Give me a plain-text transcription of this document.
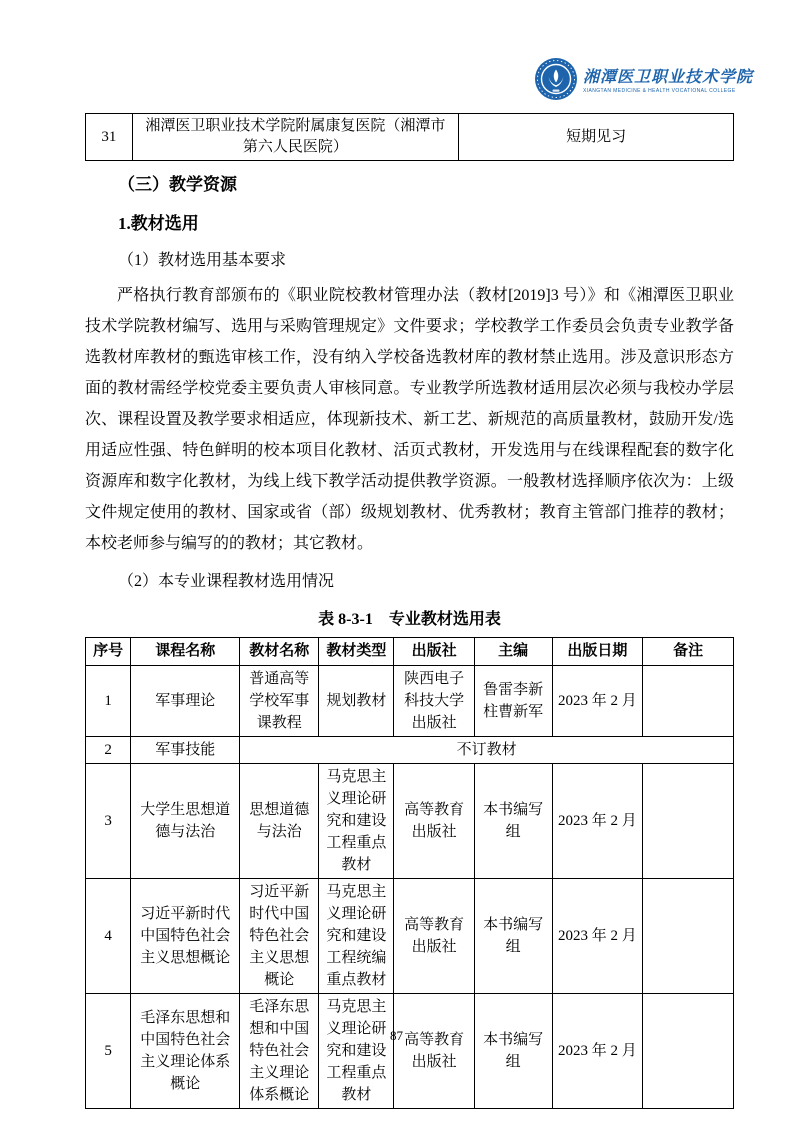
湘潭医卫职业技术学院
XIANGTAN MEDICINE & HEALTH VOCATIONAL COLLEGE
31	湘潭医卫职业技术学院附属康复医院（湘潭市第六人民医院）	短期见习
（三）教学资源
1.教材选用
（1）教材选用基本要求

严格执行教育部颁布的《职业院校教材管理办法（教材[2019]3 号）》和《湘潭医卫职业技术学院教材编写、选用与采购管理规定》文件要求；学校教学工作委员会负责专业教学备选教材库教材的甄选审核工作，没有纳入学校备选教材库的教材禁止选用。涉及意识形态方面的教材需经学校党委主要负责人审核同意。专业教学所选教材适用层次必须与我校办学层次、课程设置及教学要求相适应，体现新技术、新工艺、新规范的高质量教材，鼓励开发/选用适应性强、特色鲜明的校本项目化教材、活页式教材，开发选用与在线课程配套的数字化资源库和数字化教材，为线上线下教学活动提供教学资源。一般教材选择顺序依次为：上级文件规定使用的教材、国家或省（部）级规划教材、优秀教材；教育主管部门推荐的教材；本校老师参与编写的的教材；其它教材。

（2）本专业课程教材选用情况
表 8-3-1　专业教材选用表
序号	课程名称	教材名称	教材类型	出版社	主编	出版日期	备注
1	军事理论	普通高等学校军事课教程	规划教材	陕西电子科技大学出版社	鲁雷李新柱曹新军	2023 年 2 月	
2	军事技能	不订教材					
3	大学生思想道德与法治	思想道德与法治	马克思主义理论研究和建设工程重点教材	高等教育出版社	本书编写组	2023 年 2 月	
4	习近平新时代中国特色社会主义思想概论	习近平新时代中国特色社会主义思想概论	马克思主义理论研究和建设工程统编重点教材	高等教育出版社	本书编写组	2023 年 2 月	
5	毛泽东思想和中国特色社会主义理论体系概论	毛泽东思想和中国特色社会主义理论体系概论	马克思主义理论研究和建设工程重点教材	高等教育出版社	本书编写组	2023 年 2 月	
87
